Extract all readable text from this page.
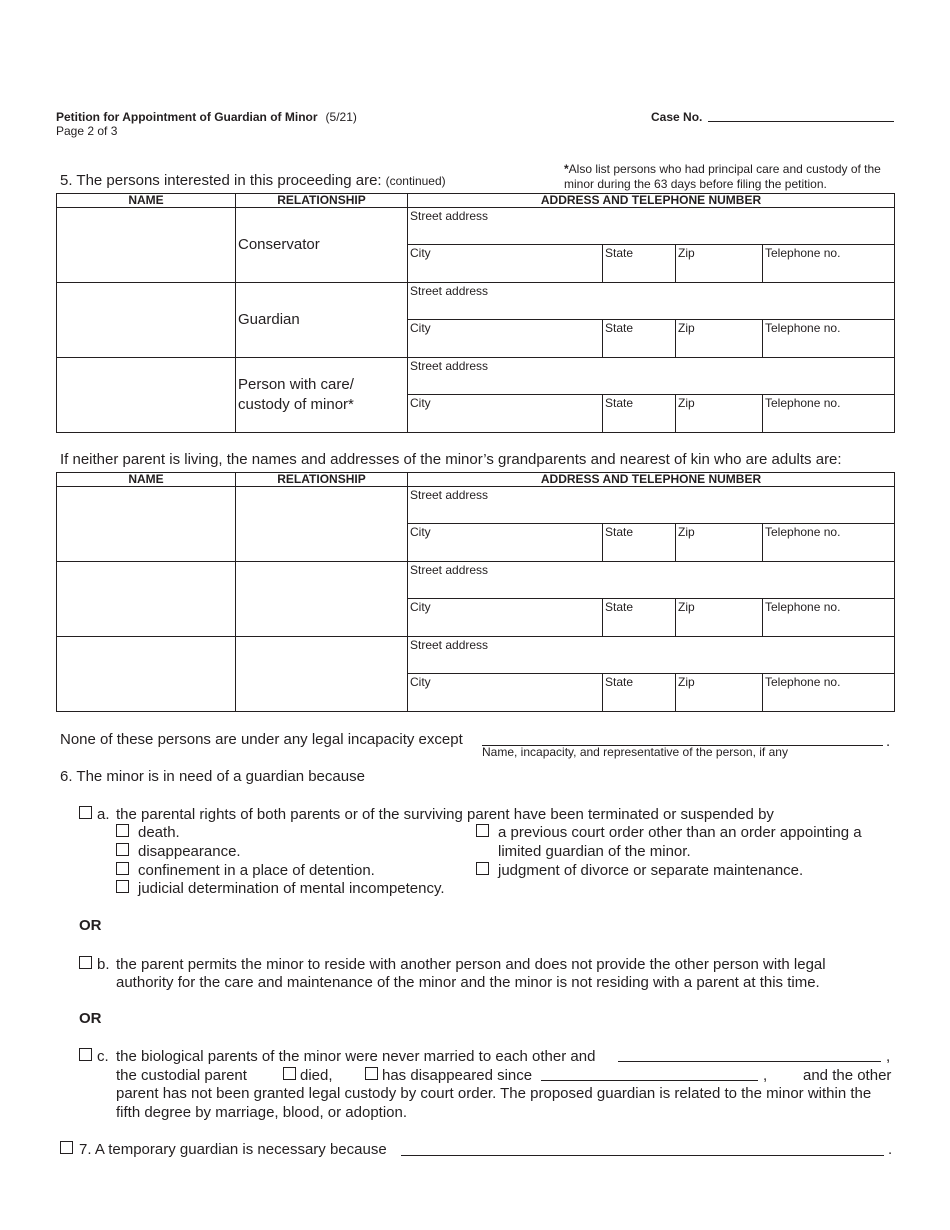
Petition for Appointment of Guardian of Minor (5/21)
Page 2 of 3
Case No.
5. The persons interested in this proceeding are: (continued)
*Also list persons who had principal care and custody of the minor during the 63 days before filing the petition.
NAME	RELATIONSHIP	ADDRESS AND TELEPHONE NUMBER
	Conservator	Street address
City State Zip Telephone no.

	Guardian	Street address
City State Zip Telephone no.

	Person with care/ custody of minor*	Street address
City State Zip Telephone no.
If neither parent is living, the names and addresses of the minor’s grandparents and nearest of kin who are adults are:
NAME	RELATIONSHIP	ADDRESS AND TELEPHONE NUMBER

		Street address
City State Zip Telephone no.

		Street address
City State Zip Telephone no.

		Street address
City State Zip Telephone no.
None of these persons are under any legal incapacity except	.
Name, incapacity, and representative of the person, if any
6. The minor is in need of a guardian because
a. the parental rights of both parents or of the surviving parent have been terminated or suspended by
death.
disappearance.
confinement in a place of detention.
judicial determination of mental incompetency.
a previous court order other than an order appointing a
limited guardian of the minor.
judgment of divorce or separate maintenance.
OR
b. the parent permits the minor to reside with another person and does not provide the other person with legal
authority for the care and maintenance of the minor and the minor is not residing with a parent at this time.
OR
c. the biological parents of the minor were never married to each other and	,
the custodial parent	died,	has disappeared since	, and the other
parent has not been granted legal custody by court order. The proposed guardian is related to the minor within the
fifth degree by marriage, blood, or adoption.
7. A temporary guardian is necessary because	.
